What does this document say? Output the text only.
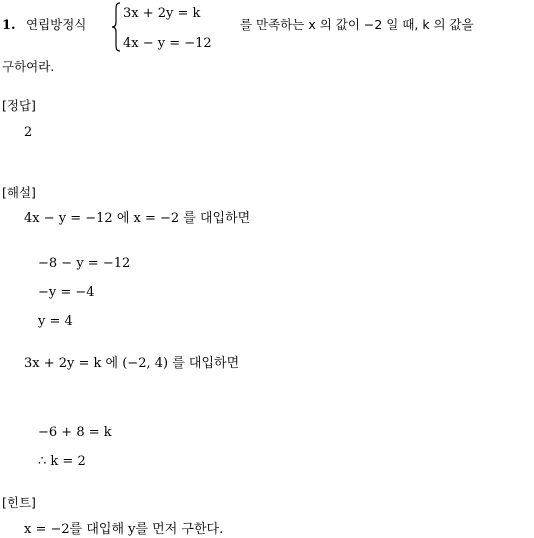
1. 연립방정식
3x + 2y = k
4x − y = −12
를 만족하는 x 의 값이 −2 일 때, k 의 값을
구하여라.
[정답]
2
[해설]
4x − y = −12 에 x = −2 를 대입하면
−8 − y = −12
−y = −4
y = 4
3x + 2y = k 에 (−2, 4) 를 대입하면
−6 + 8 = k
∴ k = 2
[힌트]
x = −2를 대입해 y를 먼저 구한다.
